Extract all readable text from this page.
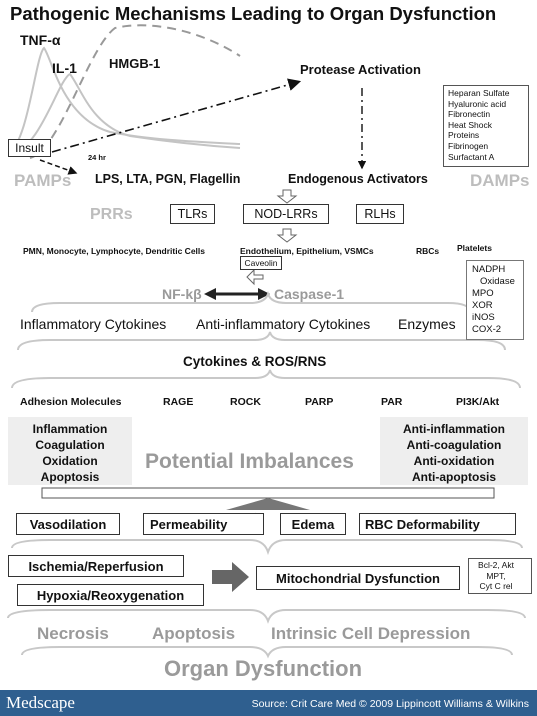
Medscape	Source: Crit Care Med © 2009 Lippincott Williams & Wilkins
Pathogenic Mechanisms Leading to Organ Dysfunction
TNF-α
IL-1 HMGB-1
24 hr
Insult
Protease Activation
Heparan Sulfate
Hyaluronic acid
Fibronectin
Heat Shock
Proteins
Fibrinogen
Surfactant A
PAMPs LPS, LTA, PGN, Flagellin	Endogenous Activators DAMPs
PRRs	TLRs	NOD-LRRs	RLHs
PMN, Monocyte, Lymphocyte, Dendritic Cells	Endothelium, Epithelium, VSMCs	RBCs Platelets
Caveolin
NADPH
Oxidase
MPO
XOR
iNOS
COX-2
NF-kβ	Caspase-1
Inflammatory Cytokines Anti-inflammatory Cytokines Enzymes
Cytokines & ROS/RNS
Adhesion Molecules	RAGE	ROCK	PARP	PAR	PI3K/Akt
Inflammation
Coagulation
Oxidation
Apoptosis
Anti-inflammation
Anti-coagulation
Anti-oxidation
Anti-apoptosis
Potential Imbalances
Vasodilation	Permeability	Edema	RBC Deformability
Ischemia/Reperfusion
Hypoxia/Reoxygenation
Mitochondrial Dysfunction
Bcl-2, Akt
MPT,
Cyt C rel
Necrosis	Apoptosis Intrinsic Cell Depression
Organ Dysfunction
